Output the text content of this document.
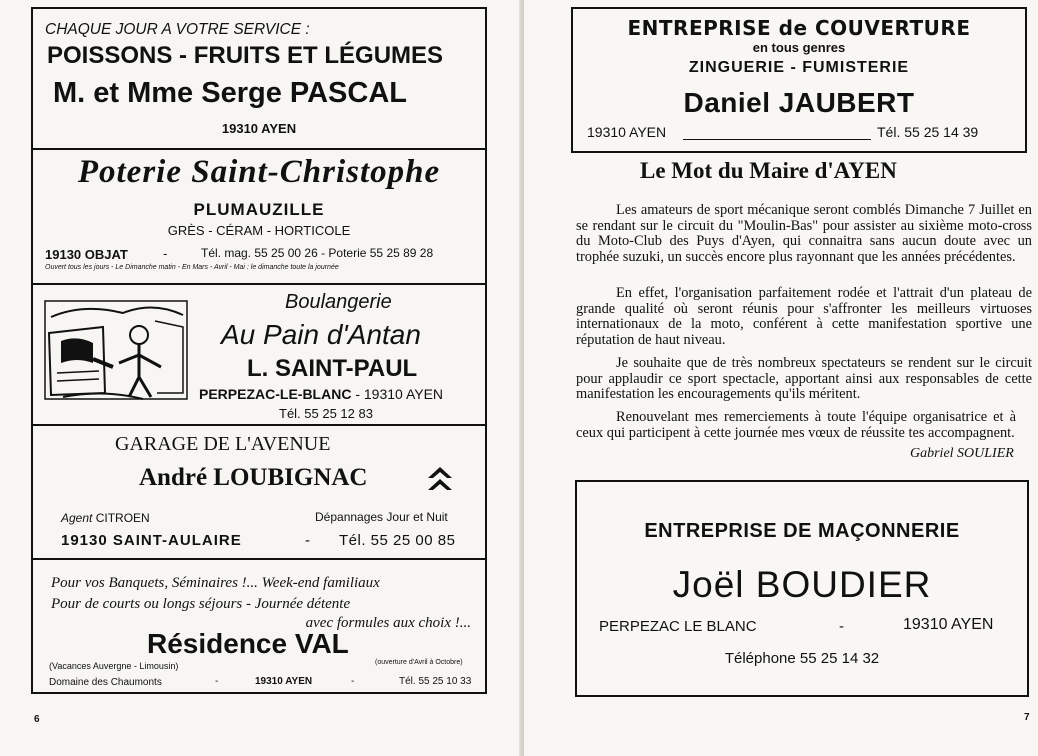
CHAQUE JOUR A VOTRE SERVICE :
POISSONS - FRUITS ET LÉGUMES
M. et Mme Serge PASCAL
19310 AYEN
Poterie Saint-Christophe
PLUMAUZILLE
GRÈS - CÉRAM - HORTICOLE
19130 OBJAT	-	Tél. mag. 55 25 00 26 - Poterie 55 25 89 28
Ouvert tous les jours - Le Dimanche matin - En Mars - Avril - Mai : le dimanche toute la journée
Boulangerie
Au Pain d'Antan
L. SAINT-PAUL
PERPEZAC-LE-BLANC - 19310 AYEN
Tél. 55 25 12 83
GARAGE DE L'AVENUE
André LOUBIGNAC
Agent CITROEN	Dépannages Jour et Nuit
19130 SAINT-AULAIRE	- Tél. 55 25 00 85
Pour vos Banquets, Séminaires !... Week-end familiaux
Pour de courts ou longs séjours - Journée détente
avec formules aux choix !...
Résidence VAL
(Vacances Auvergne - Limousin)	(ouverture d'Avril à Octobre)
Domaine des Chaumonts	-	19310 AYEN	-	Tél. 55 25 10 33
6	7
ENTREPRISE de COUVERTURE
en tous genres
ZINGUERIE - FUMISTERIE
Daniel JAUBERT
19310 AYEN	Tél. 55 25 14 39
Le Mot du Maire d'AYEN
Les amateurs de sport mécanique seront comblés Dimanche 7 Juillet en se rendant sur le circuit du "Moulin-Bas" pour assister au sixième moto-cross du Moto-Club des Puys d'Ayen, qui connaitra sans aucun doute avec un trophée suzuki, un succès encore plus rayonnant que les années précédentes.
En effet, l'organisation parfaitement rodée et l'attrait d'un plateau de grande qualité où seront réunis pour s'affronter les meilleurs virtuoses internationaux de la moto, conférent à cette manifestation sportive une réputation de haut niveau.
Je souhaite que de très nombreux spectateurs se rendent sur le circuit pour applaudir ce sport spectacle, apportant ainsi aux responsables de cette manifestation les encouragements qu'ils méritent.
Renouvelant mes remerciements à toute l'équipe organisatrice et à ceux qui participent à cette journée mes vœux de réussite tes accompagnent.
Gabriel SOULIER
ENTREPRISE DE MAÇONNERIE
Joël BOUDIER
PERPEZAC LE BLANC	-	19310 AYEN
Téléphone 55 25 14 32
